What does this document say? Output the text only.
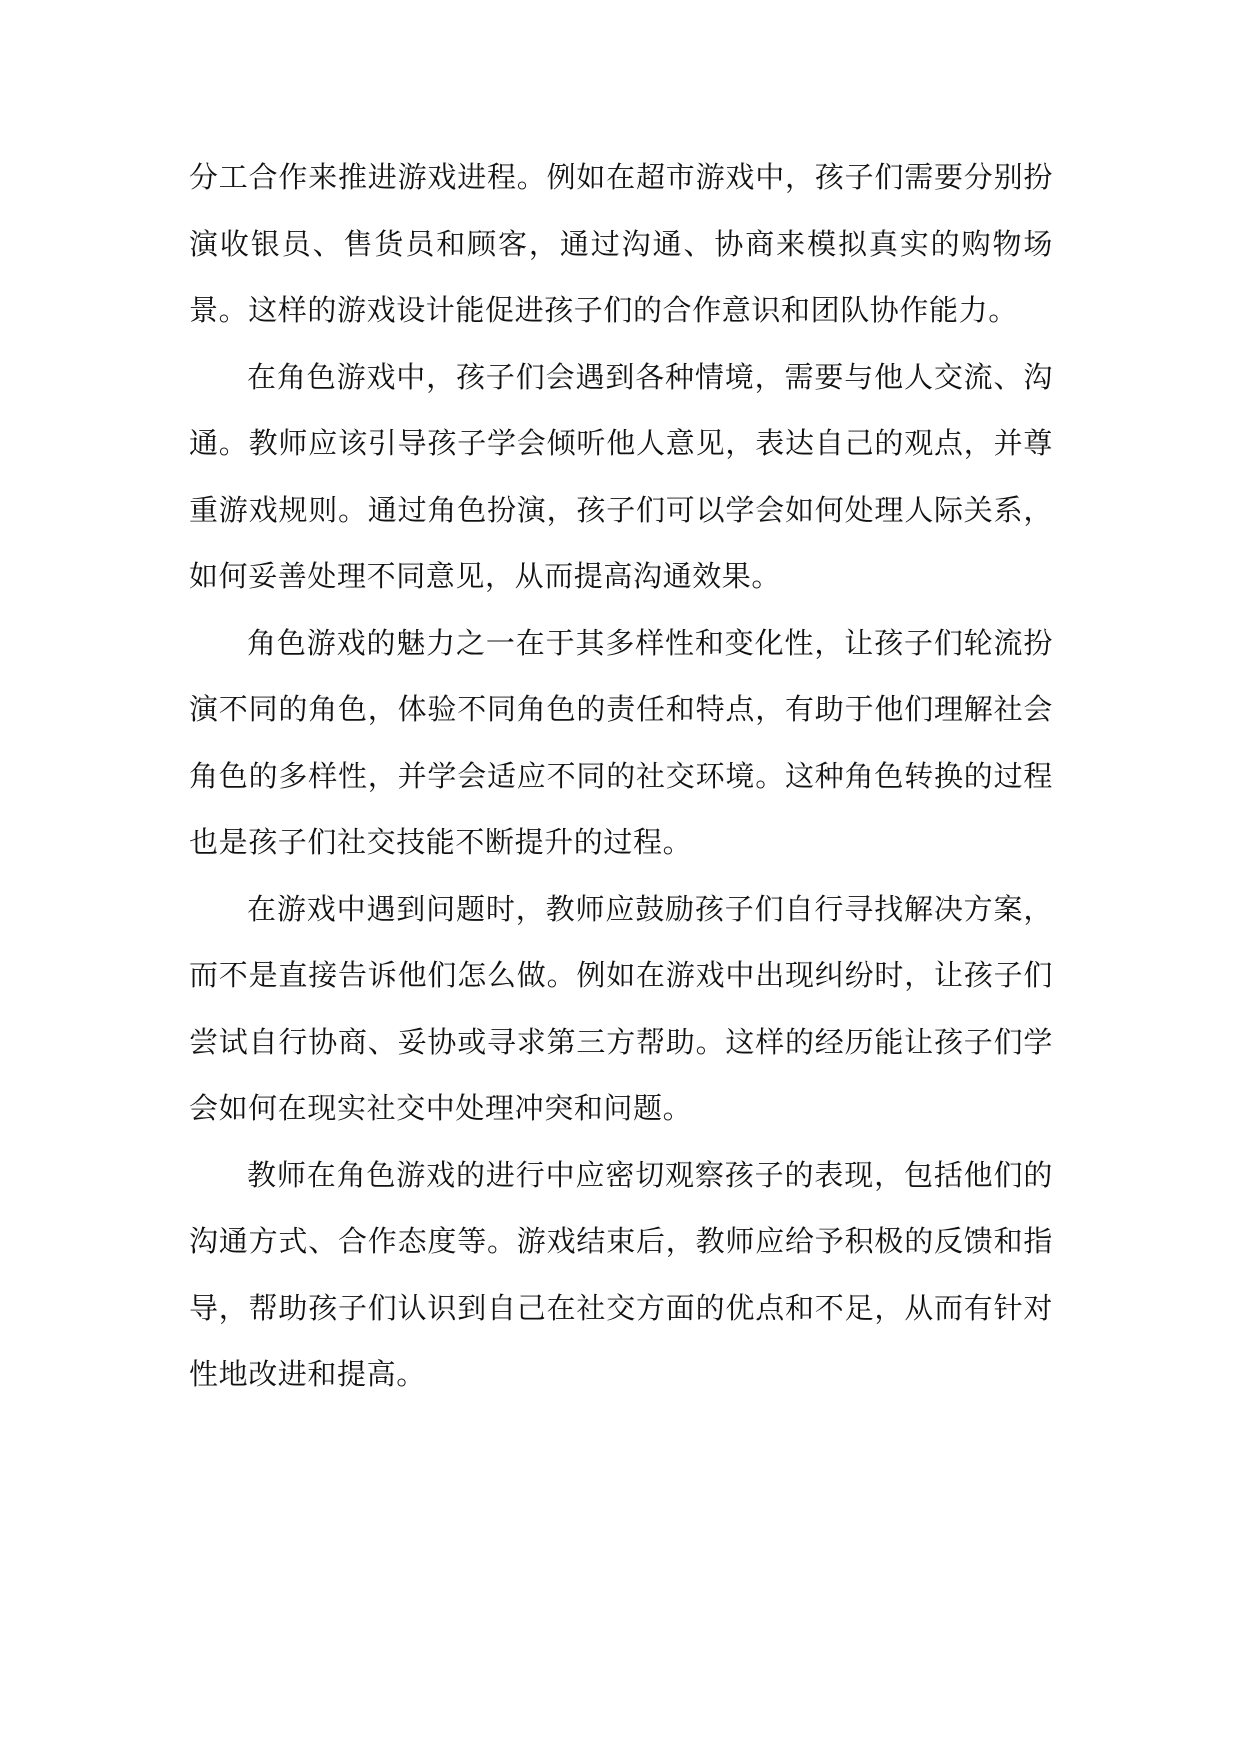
分工合作来推进游戏进程。例如在超市游戏中，孩子们需要分别扮演收银员、售货员和顾客，通过沟通、协商来模拟真实的购物场景。这样的游戏设计能促进孩子们的合作意识和团队协作能力。

在角色游戏中，孩子们会遇到各种情境，需要与他人交流、沟通。教师应该引导孩子学会倾听他人意见，表达自己的观点，并尊重游戏规则。通过角色扮演，孩子们可以学会如何处理人际关系，如何妥善处理不同意见，从而提高沟通效果。

角色游戏的魅力之一在于其多样性和变化性，让孩子们轮流扮演不同的角色，体验不同角色的责任和特点，有助于他们理解社会角色的多样性，并学会适应不同的社交环境。这种角色转换的过程也是孩子们社交技能不断提升的过程。

在游戏中遇到问题时，教师应鼓励孩子们自行寻找解决方案，而不是直接告诉他们怎么做。例如在游戏中出现纠纷时，让孩子们尝试自行协商、妥协或寻求第三方帮助。这样的经历能让孩子们学会如何在现实社交中处理冲突和问题。

教师在角色游戏的进行中应密切观察孩子的表现，包括他们的沟通方式、合作态度等。游戏结束后，教师应给予积极的反馈和指导，帮助孩子们认识到自己在社交方面的优点和不足，从而有针对性地改进和提高。
